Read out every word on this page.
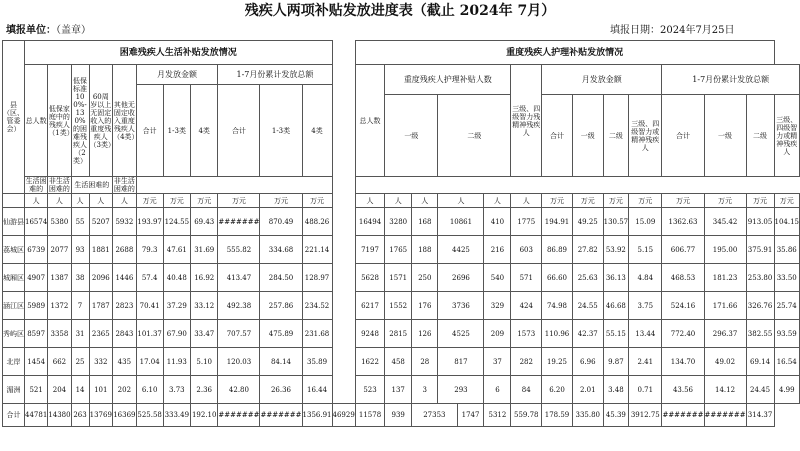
残疾人两项补贴发放进度表（截止 2024年 7月）
填报单位：（盖章）	填报日期：2024年7月25日
县（区、管委会）	困难残疾人生活补贴发放情况												重度残疾人护理补贴发放情况														
	总人数	低保家庭中的残疾人（1类）	低保标准100%-130%的困难残疾人（2类）	60周岁以上无固定收入的重度残疾人（3类）	其他无固定收入重度残疾人（4类）	月发放金额			1-7月份累计发放总额				总人数	重度残疾人护理补贴人数					三级、四级智力残精神残疾人	月发放金额				1-7月份累计发放总额			
						合计	1-3类	4类	合计	1-3类	4类																
														一级		二级				合计	一级	二级	三级、四级智力或精神残疾人	合计	一级	二级	三级、四级智力或精神残疾人
	生活困难的	非生活困难的	生活困难的		非生活困难的																						
	人	人	人	人	人	万元	万元	万元	万元	万元	万元		人	人	人	人		人	人	万元	万元	万元	万元	万元	万元	万元	万元
仙游县	16574	5380	55	5207	5932	193.97	124.55	69.43	#######	870.49	488.26		16494	3280	168	10861		410	1775	194.91	49.25	130.57	15.09	1362.63	345.42	913.05	104.15
荔城区	6739	2077	93	1881	2688	79.3	47.61	31.69	555.82	334.68	221.14		7197	1765	188	4425		216	603	86.89	27.82	53.92	5.15	606.77	195.00	375.91	35.86
城厢区	4907	1387	38	2096	1446	57.4	40.48	16.92	413.47	284.50	128.97		5628	1571	250	2696		540	571	66.60	25.63	36.13	4.84	468.53	181.23	253.80	33.50
涵江区	5989	1372	7	1787	2823	70.41	37.29	33.12	492.38	257.86	234.52		6217	1552	176	3736		329	424	74.98	24.55	46.68	3.75	524.16	171.66	326.76	25.74
秀屿区	8597	3358	31	2365	2843	101.37	67.90	33.47	707.57	475.89	231.68		9248	2815	126	4525		209	1573	110.96	42.37	55.15	13.44	772.40	296.37	382.55	93.59
北岸	1454	662	25	332	435	17.04	11.93	5.10	120.03	84.14	35.89		1622	458	28	817		37	282	19.25	6.96	9.87	2.41	134.70	49.02	69.14	16.54
湄洲	521	204	14	101	202	6.10	3.73	2.36	42.80	26.36	16.44		523	137	3	293		6	84	6.20	2.01	3.48	0.71	43.56	14.12	24.45	4.99
合计	44781	14380	263	13769	16369	525.58	333.49	192.10	#######	#######	1356.91	46929	11578	939	27353		1747	5312	559.78	178.59	335.80	45.39	3912.75	#######	#######	314.37	
